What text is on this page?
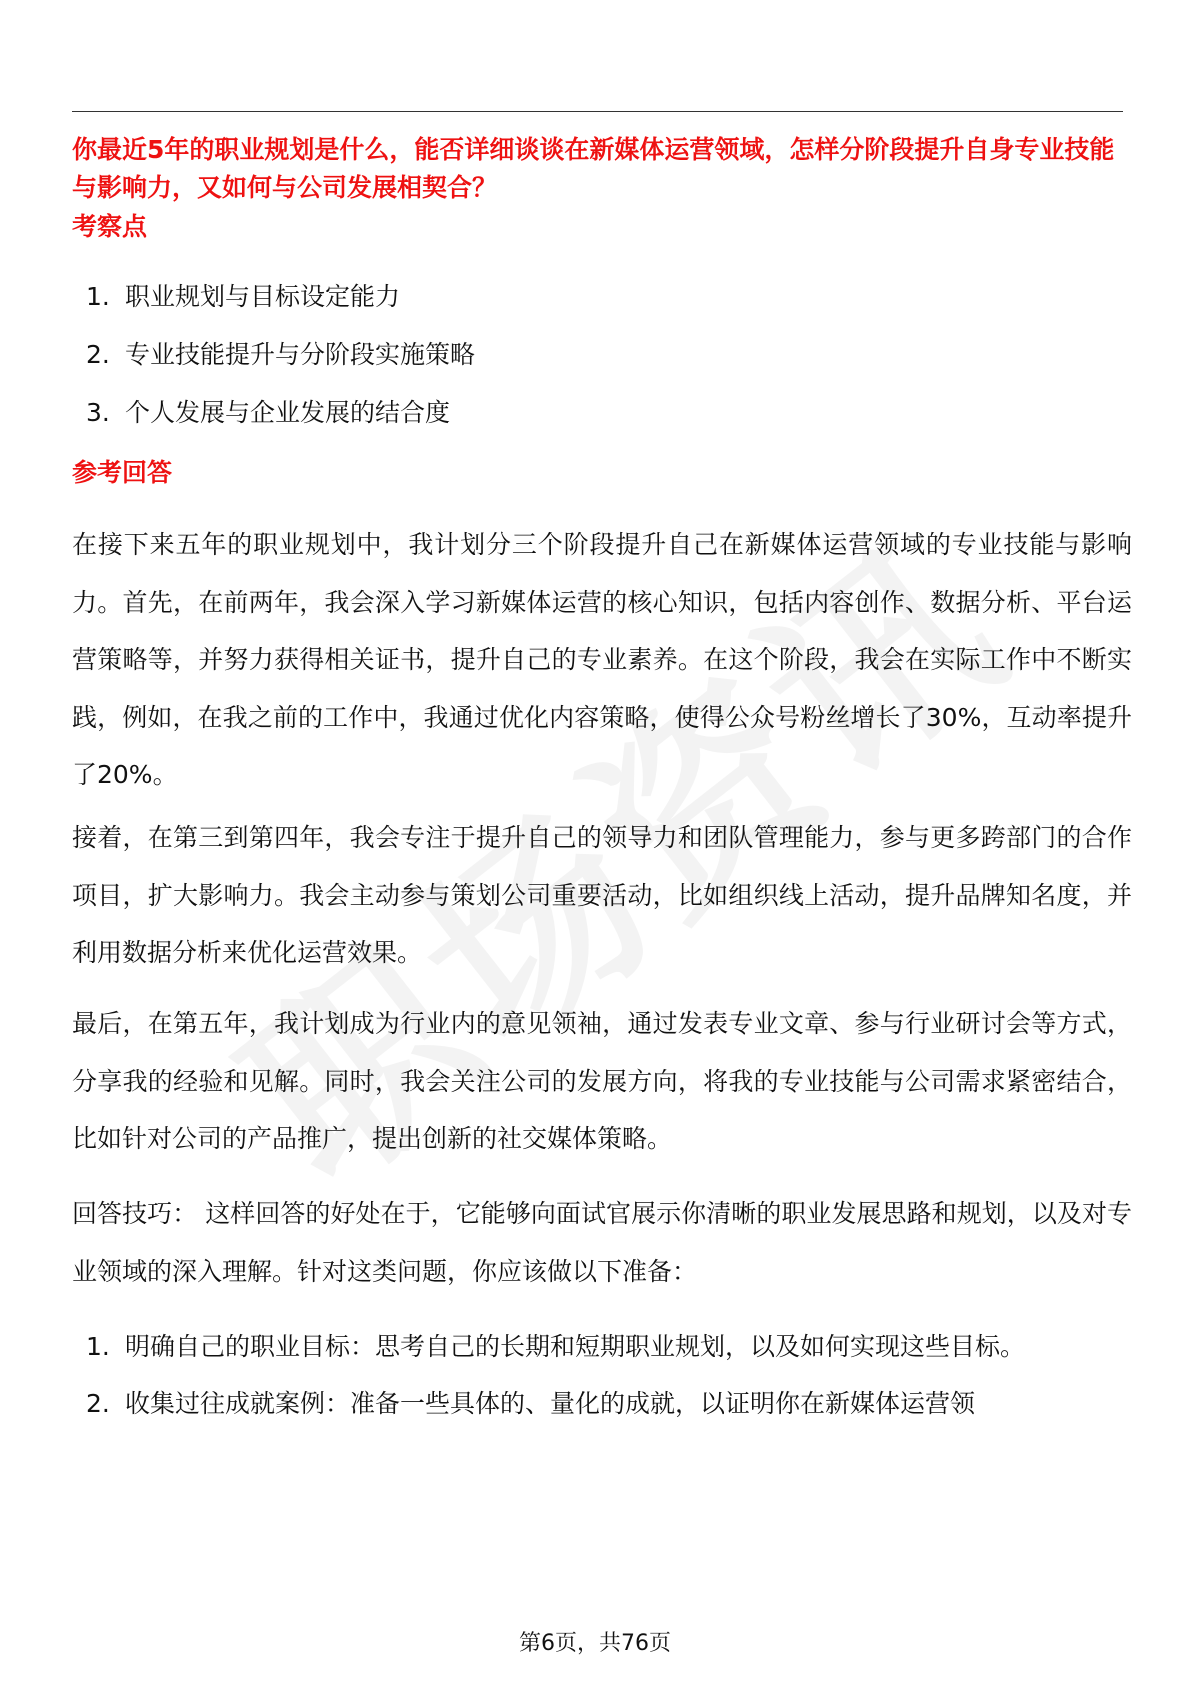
你最近5年的职业规划是什么，能否详细谈谈在新媒体运营领域，怎样分阶段提升自身专业技能与影响力，又如何与公司发展相契合？

考察点
1. 职业规划与目标设定能力
2. 专业技能提升与分阶段实施策略
3. 个人发展与企业发展的结合度
参考回答

在接下来五年的职业规划中，我计划分三个阶段提升自己在新媒体运营领域的专业技能与影响力。首先，在前两年，我会深入学习新媒体运营的核心知识，包括内容创作、数据分析、平台运营策略等，并努力获得相关证书，提升自己的专业素养。在这个阶段，我会在实际工作中不断实践，例如，在我之前的工作中，我通过优化内容策略，使得公众号粉丝增长了30%，互动率提升了20%。

接着，在第三到第四年，我会专注于提升自己的领导力和团队管理能力，参与更多跨部门的合作项目，扩大影响力。我会主动参与策划公司重要活动，比如组织线上活动，提升品牌知名度，并利用数据分析来优化运营效果。

最后，在第五年，我计划成为行业内的意见领袖，通过发表专业文章、参与行业研讨会等方式，分享我的经验和见解。同时，我会关注公司的发展方向，将我的专业技能与公司需求紧密结合，比如针对公司的产品推广，提出创新的社交媒体策略。

回答技巧： 这样回答的好处在于，它能够向面试官展示你清晰的职业发展思路和规划，以及对专业领域的深入理解。针对这类问题，你应该做以下准备：

1. 明确自己的职业目标：思考自己的长期和短期职业规划，以及如何实现这些目标。
2. 收集过往成就案例：准备一些具体的、量化的成就，以证明你在新媒体运营领
第6页，共76页
